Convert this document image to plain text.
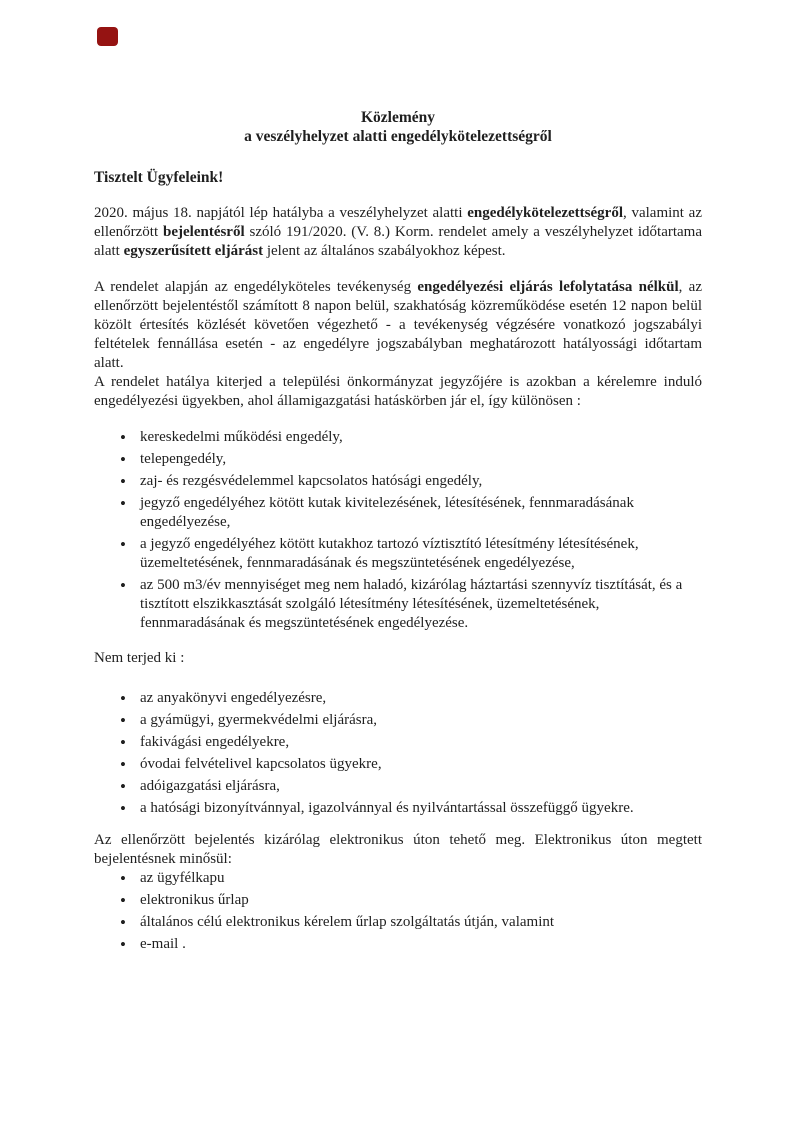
Közlemény
a veszélyhelyzet alatti engedélykötelezettségről
Tisztelt Ügyfeleink!

2020. május 18. napjától lép hatályba a veszélyhelyzet alatti engedélykötelezettségről, valamint az ellenőrzött bejelentésről szóló 191/2020. (V. 8.) Korm. rendelet amely a veszélyhelyzet időtartama alatt egyszerűsített eljárást jelent az általános szabályokhoz képest.

A rendelet alapján az engedélyköteles tevékenység engedélyezési eljárás lefolytatása nélkül, az ellenőrzött bejelentéstől számított 8 napon belül, szakhatóság közreműködése esetén 12 napon belül közölt értesítés közlését követően végezhető - a tevékenység végzésére vonatkozó jogszabályi feltételek fennállása esetén - az engedélyre jogszabályban meghatározott hatályossági időtartam alatt.

A rendelet hatálya kiterjed a települési önkormányzat jegyzőjére is azokban a kérelemre induló engedélyezési ügyekben, ahol államigazgatási hatáskörben jár el, így különösen :

• kereskedelmi működési engedély,
• telepengedély,
• zaj- és rezgésvédelemmel kapcsolatos hatósági engedély,
• jegyző engedélyéhez kötött kutak kivitelezésének, létesítésének, fennmaradásának engedélyezése,
• a jegyző engedélyéhez kötött kutakhoz tartozó víztisztító létesítmény létesítésének, üzemeltetésének, fennmaradásának és megszüntetésének engedélyezése,
• az 500 m3/év mennyiséget meg nem haladó, kizárólag háztartási szennyvíz tisztítását, és a tisztított elszikkasztását szolgáló létesítmény létesítésének, üzemeltetésének, fennmaradásának és megszüntetésének engedélyezése.
Nem terjed ki :
• az anyakönyvi engedélyezésre,
• a gyámügyi, gyermekvédelmi eljárásra,
• fakivágási engedélyekre,
• óvodai felvételivel kapcsolatos ügyekre,
• adóigazgatási eljárásra,
• a hatósági bizonyítvánnyal, igazolvánnyal és nyilvántartással összefüggő ügyekre.

Az ellenőrzött bejelentés kizárólag elektronikus úton tehető meg. Elektronikus úton megtett bejelentésnek minősül:

• az ügyfélkapu
• elektronikus űrlap
• általános célú elektronikus kérelem űrlap szolgáltatás útján, valamint
• e-mail .
